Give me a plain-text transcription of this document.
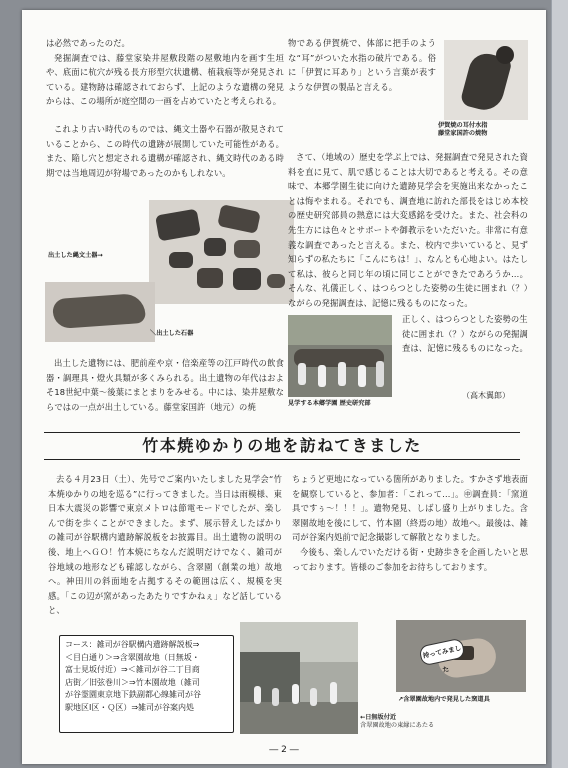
は必然であったのだ。

発掘調査では、藤堂家染井屋敷段階の屋敷地内を画す生垣や、底面に杭穴が残る長方形型穴状遺構、植栽痕等が発見されている。建物跡は確認されておらず、上記のような遺構の発見からは、この場所が庭空間の一画を占めていたと考えられる。

これより古い時代のものでは、縄文土器や石器が散見されていることから、この時代の遺跡が展開していた可能性がある。また、陥し穴と想定される遺構が確認され、縄文時代のある時期では当地周辺が狩場であったのかもしれない。

出土した縄文土器→
＼出土した石器

出土した遺物には、肥前産や京・信楽産等の江戸時代の飲食器・調理具・燈火具類が多くみられる。出土遺物の年代はおよそ18世紀中葉～後葉にまとまりをみせる。中には、染井屋敷ならではの一点が出土している。藤堂家国許（地元）の焼

物である伊賀焼で、体部に把手のような“耳”がついた水指の破片である。俗に「伊賀に耳あり」という言葉が表すような伊賀の製品と言える。

伊賀焼の耳付水指
藤堂家国許の焼物

さて、（地域の）歴史を学ぶ上では、発掘調査で発見された資料を直に見て、肌で感じることは大切であると考える。その意味で、本郷学園生徒に向けた遺跡見学会を実施出来なかったことは悔やまれる。それでも、調査地に訪れた部長をはじめ本校の歴史研究部員の熱意には大変感銘を受けた。また、社会科の先生方には色々とサポートや御教示をいただいた。非常に有意義な調査であったと言える。また、校内で歩いていると、見ず知らずの私たちに「こんにちは！」、なんとも心地よい。はたして私は、彼らと同じ年の頃に同じことができたであろうか…。そんな、礼儀正しく、はつらつとした姿勢の生徒に囲まれ（？）ながらの発掘調査は、記憶に残るものになった。

見学する本郷学園 歴史研究部

正しく、はつらつとした姿勢の生徒に囲まれ（？）ながらの発掘調査は、記憶に残るものになった。

（高木翼郎）
竹本焼ゆかりの地を訪ねてきました

去る４月23日（土）、先号でご案内いたしました見学会“竹本焼ゆかりの地を巡る”に行ってきました。当日は雨模様、東日本大震災の影響で東京メトロは節電モードでしたが、楽しんで街を歩くことができました。まず、展示替えしたばかりの雑司が谷駅構内遺跡解説板をお披露目。出土遺物の説明の後、地上へＧＯ！竹本焼にちなんだ説明だけでなく、雑司が谷地域の地形なども確認しながら、含翠園（創業の地）故地へ。神田川の斜面地を占拠するその範囲は広く、規模を実感。「この辺が窯があったあたりですかねぇ」など話していると、

ちょうど更地になっている箇所がありました。すかさず地表面を観察していると、参加者：「これって…」。㊥調査員：「窯道具ですぅ～！！！」。遺物発見、しばし盛り上がりました。含翠園故地を後にして、竹本園（終焉の地）故地へ。最後は、雑司が谷案内処前で記念撮影して解散となりました。

今後も、楽しんでいただける街・史跡歩きを企画したいと思っております。皆様のご参加をお待ちしております。

コース：雑司が谷駅構内遺跡解説板⇒

＜目白通り＞⇒含翠園故地（日無坂・

富士見坂付近）⇒＜雑司が谷二丁目商

店街／旧弦巻川＞⇒竹本園故地（雑司

が谷霊園東京地下鉄副都心線雑司が谷

駅地区Ⅰ区・Ｑ区）⇒雑司が谷案内処

持ってみました
↗含翠園故地内で発見した窯道具
←日無坂付近
含翠園故地の東縁にあたる
― 2 ―
